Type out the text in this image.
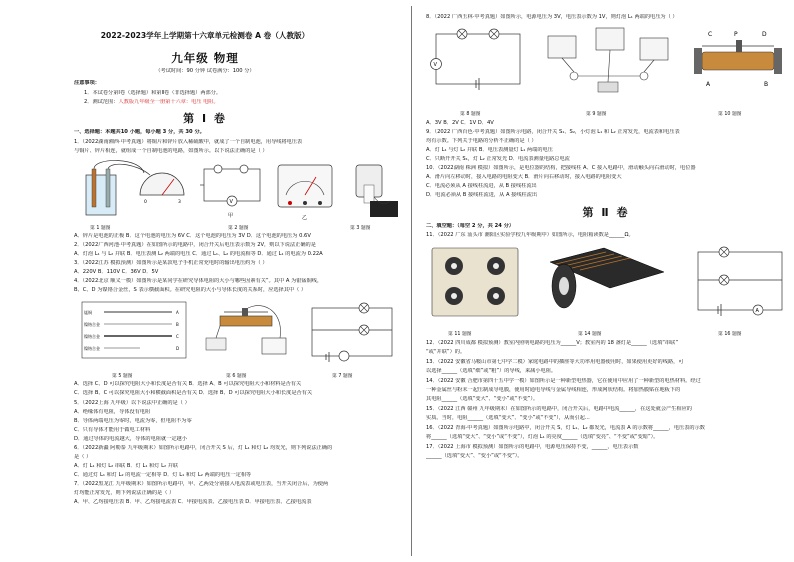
2022-2023学年上学期第十六章单元检测卷 A 卷（人教版）
九年级 物理
（考试时间：90 分钟 试卷满分：100 分）
注意事项：
1．本试卷分第Ⅰ卷（选择题）和第Ⅱ卷（非选择题）两部分。
2．测试范围：人教版九年级全一册第十六章：电压 电阻。
第 Ⅰ 卷
一、选择题：本题共10 小题，每小题 3 分，共 30 分。
1．（2022湖南湘西·中考真题）将铜片和锌片放入稀硫酸中，就成了一个自制电池，用导线将电压表
与铜片、锌片相连，就组成一个自制电池的电路，如图所示。以下说法正确的是（ ）
0	3	V
甲	乙
第 1 题图	第 2 题图	第 3 题图
A．锌片是电池的正极 B．这个电池的电压为 6V C．这个电池的电压为 3V D．这个电池的电压为 0.6V
2．（2022广西河池·中考真题）在如图所示的电路中，闭合开关后电压表示数为 2V，则以下说法正确的是
A．灯泡 L₁ 与 L₂ 并联 B．电压表测 L₂ 两端的电压 C．通过 L₁、L₂ 的电流相等 D．通过 L₁ 的电流为 0.22A
3．（2022江苏 模拟预测）如图所示是某款电子手机正常充电时的输出电压约为（ ）
A．220V B．110V C．36V D．5V
4．（2022北京 顺义一模）如图所示是某同学在研究导体电阻的大小与哪些因素有关”。其中 A 为银锰铜线，
B、C、D 为镍铬合金丝，S 表示横截面积。在研究电阻的大小与导体长度的关系时，应选择其中（ ）
锰铜
镍铬合金
镍铬合金
镍铬合金
A
B
C
D
第 5 题图	第 6 题图	第 7 题图
A．选择 C、D 可以探究电阻大小和长度是否有关 B．选择 A、B 可以探究电阻大小和材料是否有关
C．选择 B、C 可以探究电阻大小和横截面积是否有关 D．选择 B、D 可以探究电阻大小和长度是否有关
5．（2022上海 九年级）以下说法中正确的是（ ）
A．绝缘体有电阻，导体没有电阻
B．导体两端电压为零时，电流为零，但电阻不为零
C．只有导体才能用于做电工材料
D．通过导体的电流越大，导体的电阻就一定越小
6．（2022新疆 阿勒泰 九年级期末）如图所示电路中，闭合开关 S 后，灯 L₁ 和灯 L₂ 均发光，则下列说法正确的
是（ ）
A．灯 L₁ 和灯 L₂ 串联 B．灯 L₁ 和灯 L₂ 并联
C．通过灯 L₁ 和灯 L₂ 的电流一定相等 D．灯 L₁ 和灯 L₂ 两端的电压一定相等
7．（2022黑龙江 九年级期末）如图所示电路中，甲、乙两处分别接入电流表或电压表，当开关闭合后，为使两
灯均能正常发光，则下列说法正确的是（ ）
A．甲、乙均接电压表 B．甲、乙均接电流表 C．甲接电流表、乙接电压表 D．甲接电压表、乙接电流表
8．（2022 广西玉林·中考真题）如图所示，电源电压为 3V，电压表示数为 1V，则灯泡 L₁ 两端的电压为（ ）
V
C	P	D
A	B
第 8 题图	第 9 题图	第 10 题图
A．3V B．2V C．1V D．4V
9．（2022 广西百色·中考真题）如图所示电路，闭合开关 S₁、S₂，小灯泡 L₁ 和 L₂ 正常发光，电流表和电压表
均有示数。下列关于电路的分析不正确的是（ ）
A．灯 L₁ 与灯 L₂ 并联 B．电压表测量灯 L₁ 两端的电压
C．只断开开关 S₁，灯 L₂ 正常发光 D．电流表测量电路总电流
10．（2022湖南 株洲 模拟）如图所示，是电位器的结构，把接线柱 A、C 接入电路中，滑动触头向右滑动时，电位器
A．滑片向左移动时，接入电路的电阻变大 B．滑片向右移动时，接入电路的电阻变大
C．电流必须从 A 接线柱流进，从 B 接线柱流出
D．电流必须从 B 接线柱流进，从 A 接线柱流出
第 Ⅱ 卷
二、填空题：（每空 2 分，共 24 分）
11．（2022 广东 汕头市 潮阳区实验学校九年级期中）如图所示，电阻箱读数是______Ω。
A
第 11 题图	第 14 题图	第 16 题图
12．（2022 四川成都 模拟预测）教室内照明电路的电压为______V；教室内的 18 盏灯是______（选填“串联”
“或“并联”）的。
13．（2022 安徽省马鞍山市第七中学二模）家庭电路中的插座等大功率用电器使用时，如果使用更好的线路，可
以选择______（选填“细”或“粗”）的导线，来减小电阻。
14．（2022 安徽 合肥市第四十五中学一模）如图所示是一种新型电热器，它在使用中应用了一种新型的电热材料。经过
一种金属丝与粉末一起压制成导电膜，使用时通电导线与金属导线相连，形成网状结构。将加热膜贴在地板下的
其电阻______（选填“变大”、“变小”或“不变”）。
15．（2022 江西 赣州 九年级期末）在如图所示的电路中，闭合开关后，电路中电流______，在这处就会产生相应的
实质。当时，电阻______（选填“变大”、“变小”或“不变”），从而引起...
16．（2022 青海·中考真题）如图所示电路中，闭合开关 S，灯 L₁、L₂ 都发光，电流表 A 的示数将______，电压表的示数
将______（选填“变大”、“变小”或“不变”），灯泡 L₁ 的亮度______（选填“变亮”、“不变”或“变暗”）。
17．（2022 上海市 模拟预测）如图所示的电路中，电源电压保持不变，______，电压表示数
______（选填“变大”、“变小”或“不变”）。
